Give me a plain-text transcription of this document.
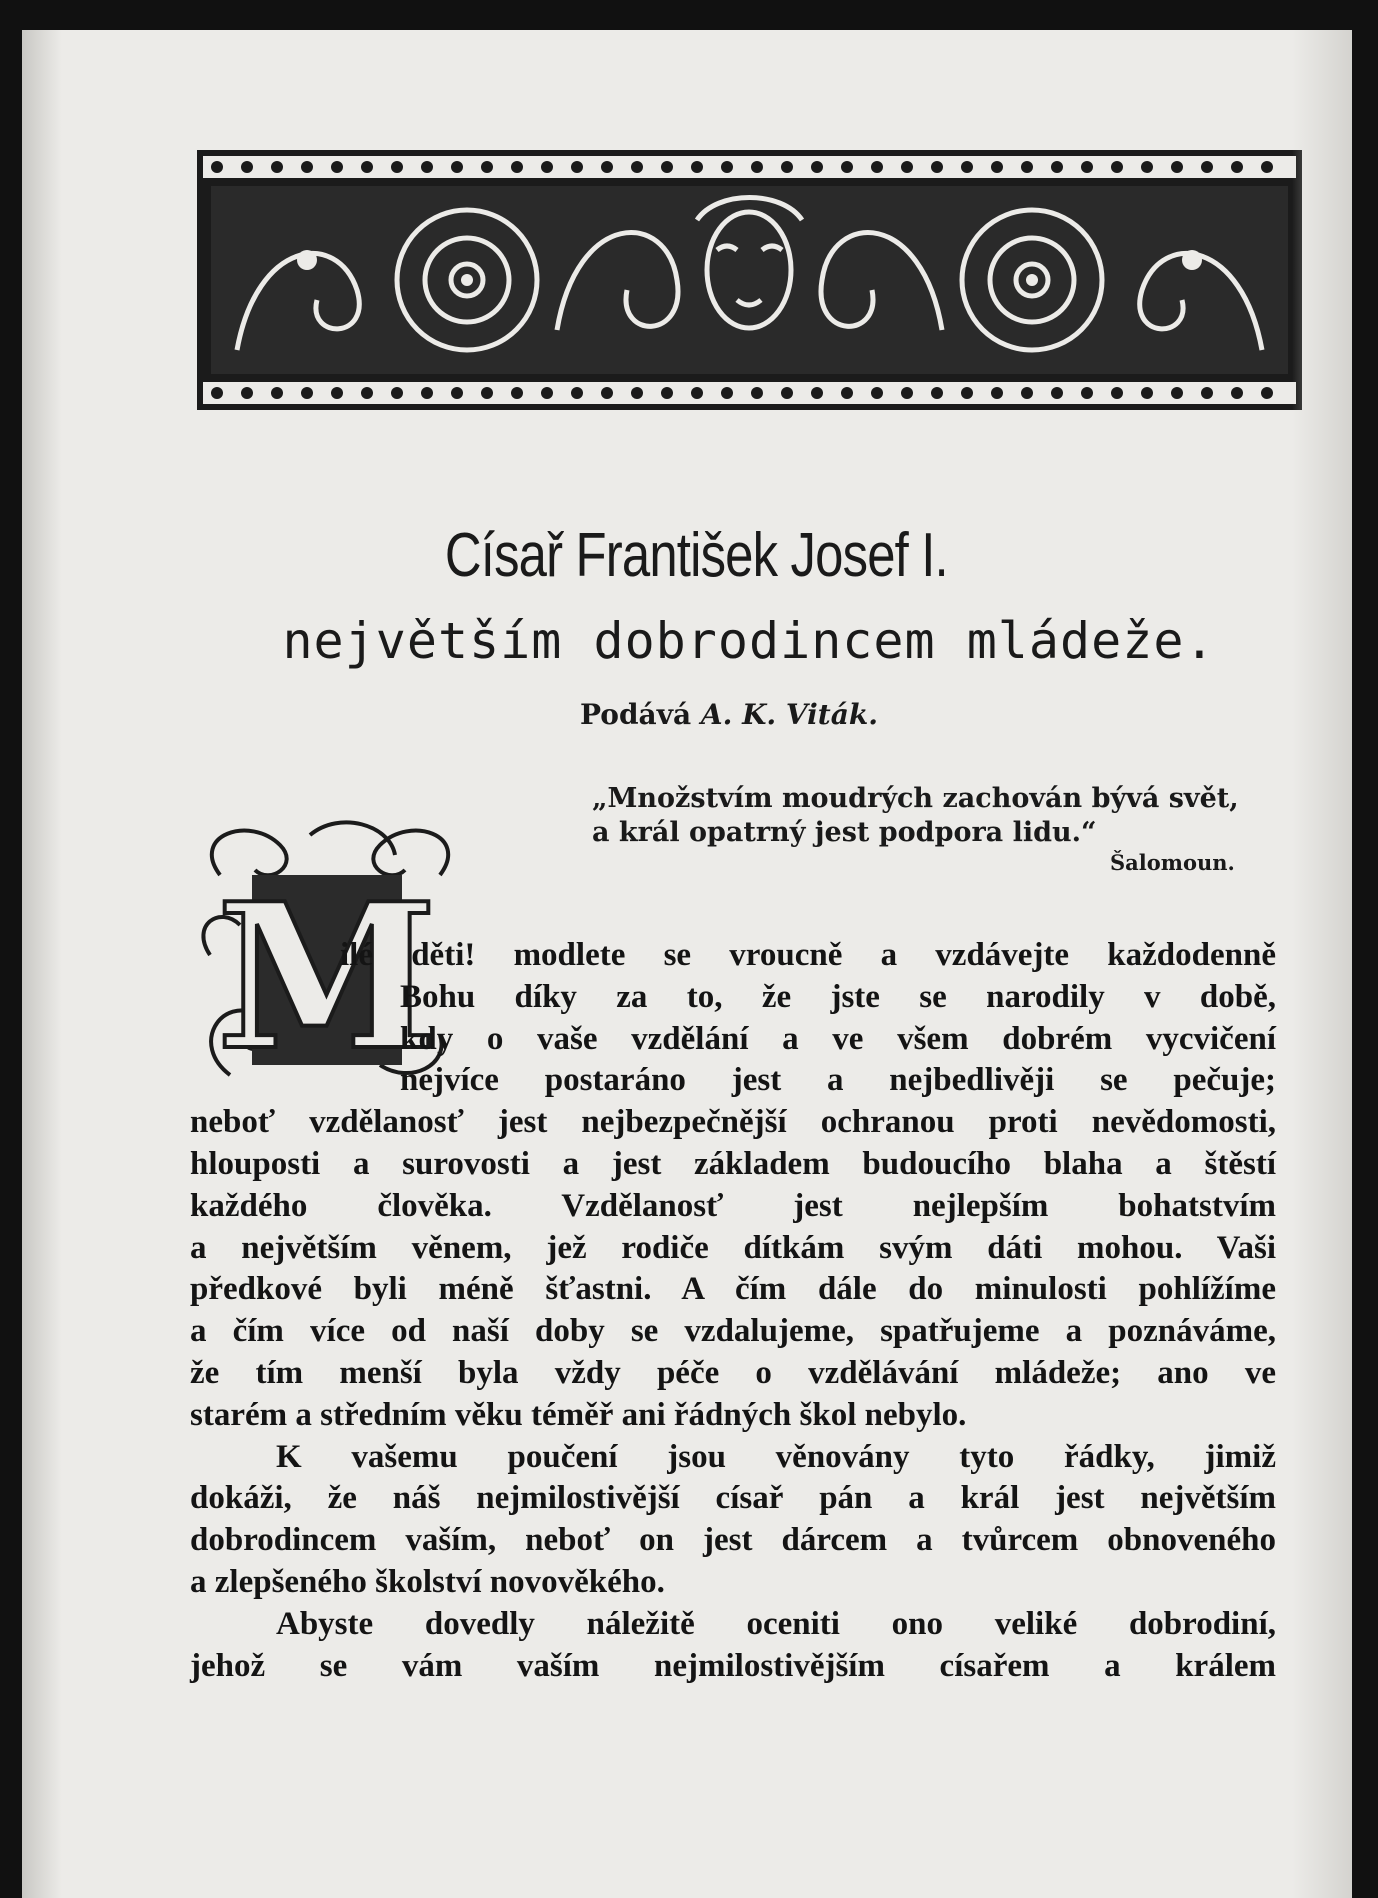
M
Císař František Josef I.
největším dobrodincem mládeže.
Podává A. K. Viták.
„Množstvím moudrých zachován bývá svět,
a král opatrný jest podpora lidu.“
Šalomoun.
ilé děti! modlete se vroucně a vzdávejte každodenně
Bohu díky za to, že jste se narodily v době,
kdy o vaše vzdělání a ve všem dobrém vycvičení
nejvíce postaráno jest a nejbedlivěji se pečuje;
neboť vzdělanosť jest nejbezpečnější ochranou proti nevědomosti,
hlouposti a surovosti a jest základem budoucího blaha a štěstí
každého člověka. Vzdělanosť jest nejlepším bohatstvím
a největším věnem, jež rodiče dítkám svým dáti mohou. Vaši
předkové byli méně šťastni. A čím dále do minulosti pohlížíme
a čím více od naší doby se vzdalujeme, spatřujeme a poznáváme,
že tím menší byla vždy péče o vzdělávání mládeže; ano ve
starém a středním věku téměř ani řádných škol nebylo.
K vašemu poučení jsou věnovány tyto řádky, jimiž
dokáži, že náš nejmilostivější císař pán a král jest největším
dobrodincem vaším, neboť on jest dárcem a tvůrcem obnoveného
a zlepšeného školství novověkého.
Abyste dovedly náležitě oceniti ono veliké dobrodiní,
jehož se vám vaším nejmilostivějším císařem a králem
